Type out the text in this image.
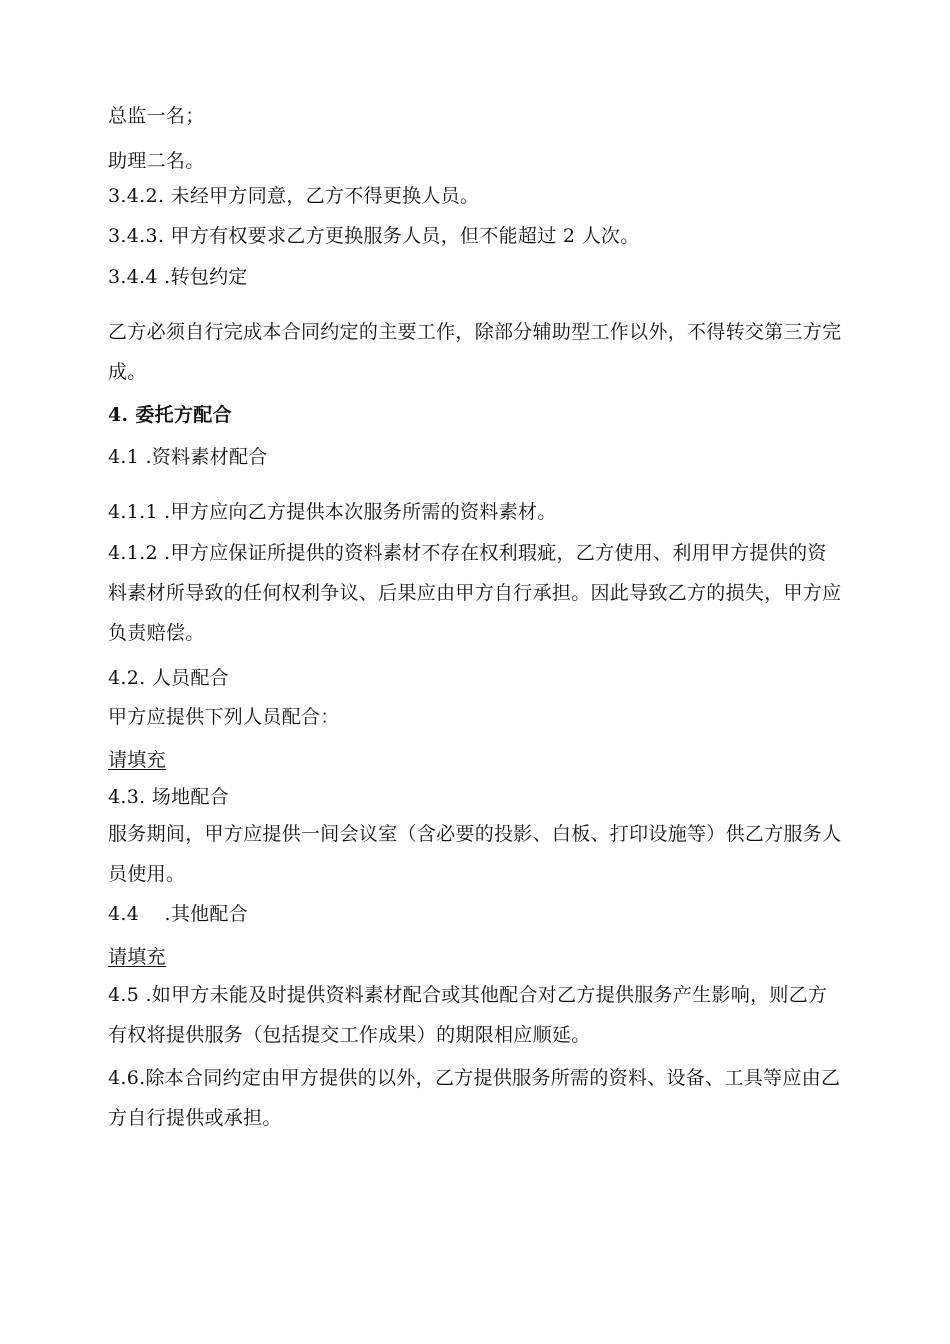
总监一名；
助理二名。
3.4.2. 未经甲方同意，乙方不得更换人员。
3.4.3. 甲方有权要求乙方更换服务人员，但不能超过 2 人次。
3.4.4 .转包约定
乙方必须自行完成本合同约定的主要工作，除部分辅助型工作以外，不得转交第三方完成。
4. 委托方配合
4.1 .资料素材配合
4.1.1 .甲方应向乙方提供本次服务所需的资料素材。
4.1.2 .甲方应保证所提供的资料素材不存在权利瑕疵，乙方使用、利用甲方提供的资料素材所导致的任何权利争议、后果应由甲方自行承担。因此导致乙方的损失，甲方应负责赔偿。
4.2. 人员配合
甲方应提供下列人员配合：
请填充
4.3. 场地配合
服务期间，甲方应提供一间会议室（含必要的投影、白板、打印设施等）供乙方服务人员使用。
4.4    .其他配合
请填充
4.5 .如甲方未能及时提供资料素材配合或其他配合对乙方提供服务产生影响，则乙方有权将提供服务（包括提交工作成果）的期限相应顺延。
4.6.除本合同约定由甲方提供的以外，乙方提供服务所需的资料、设备、工具等应由乙方自行提供或承担。
